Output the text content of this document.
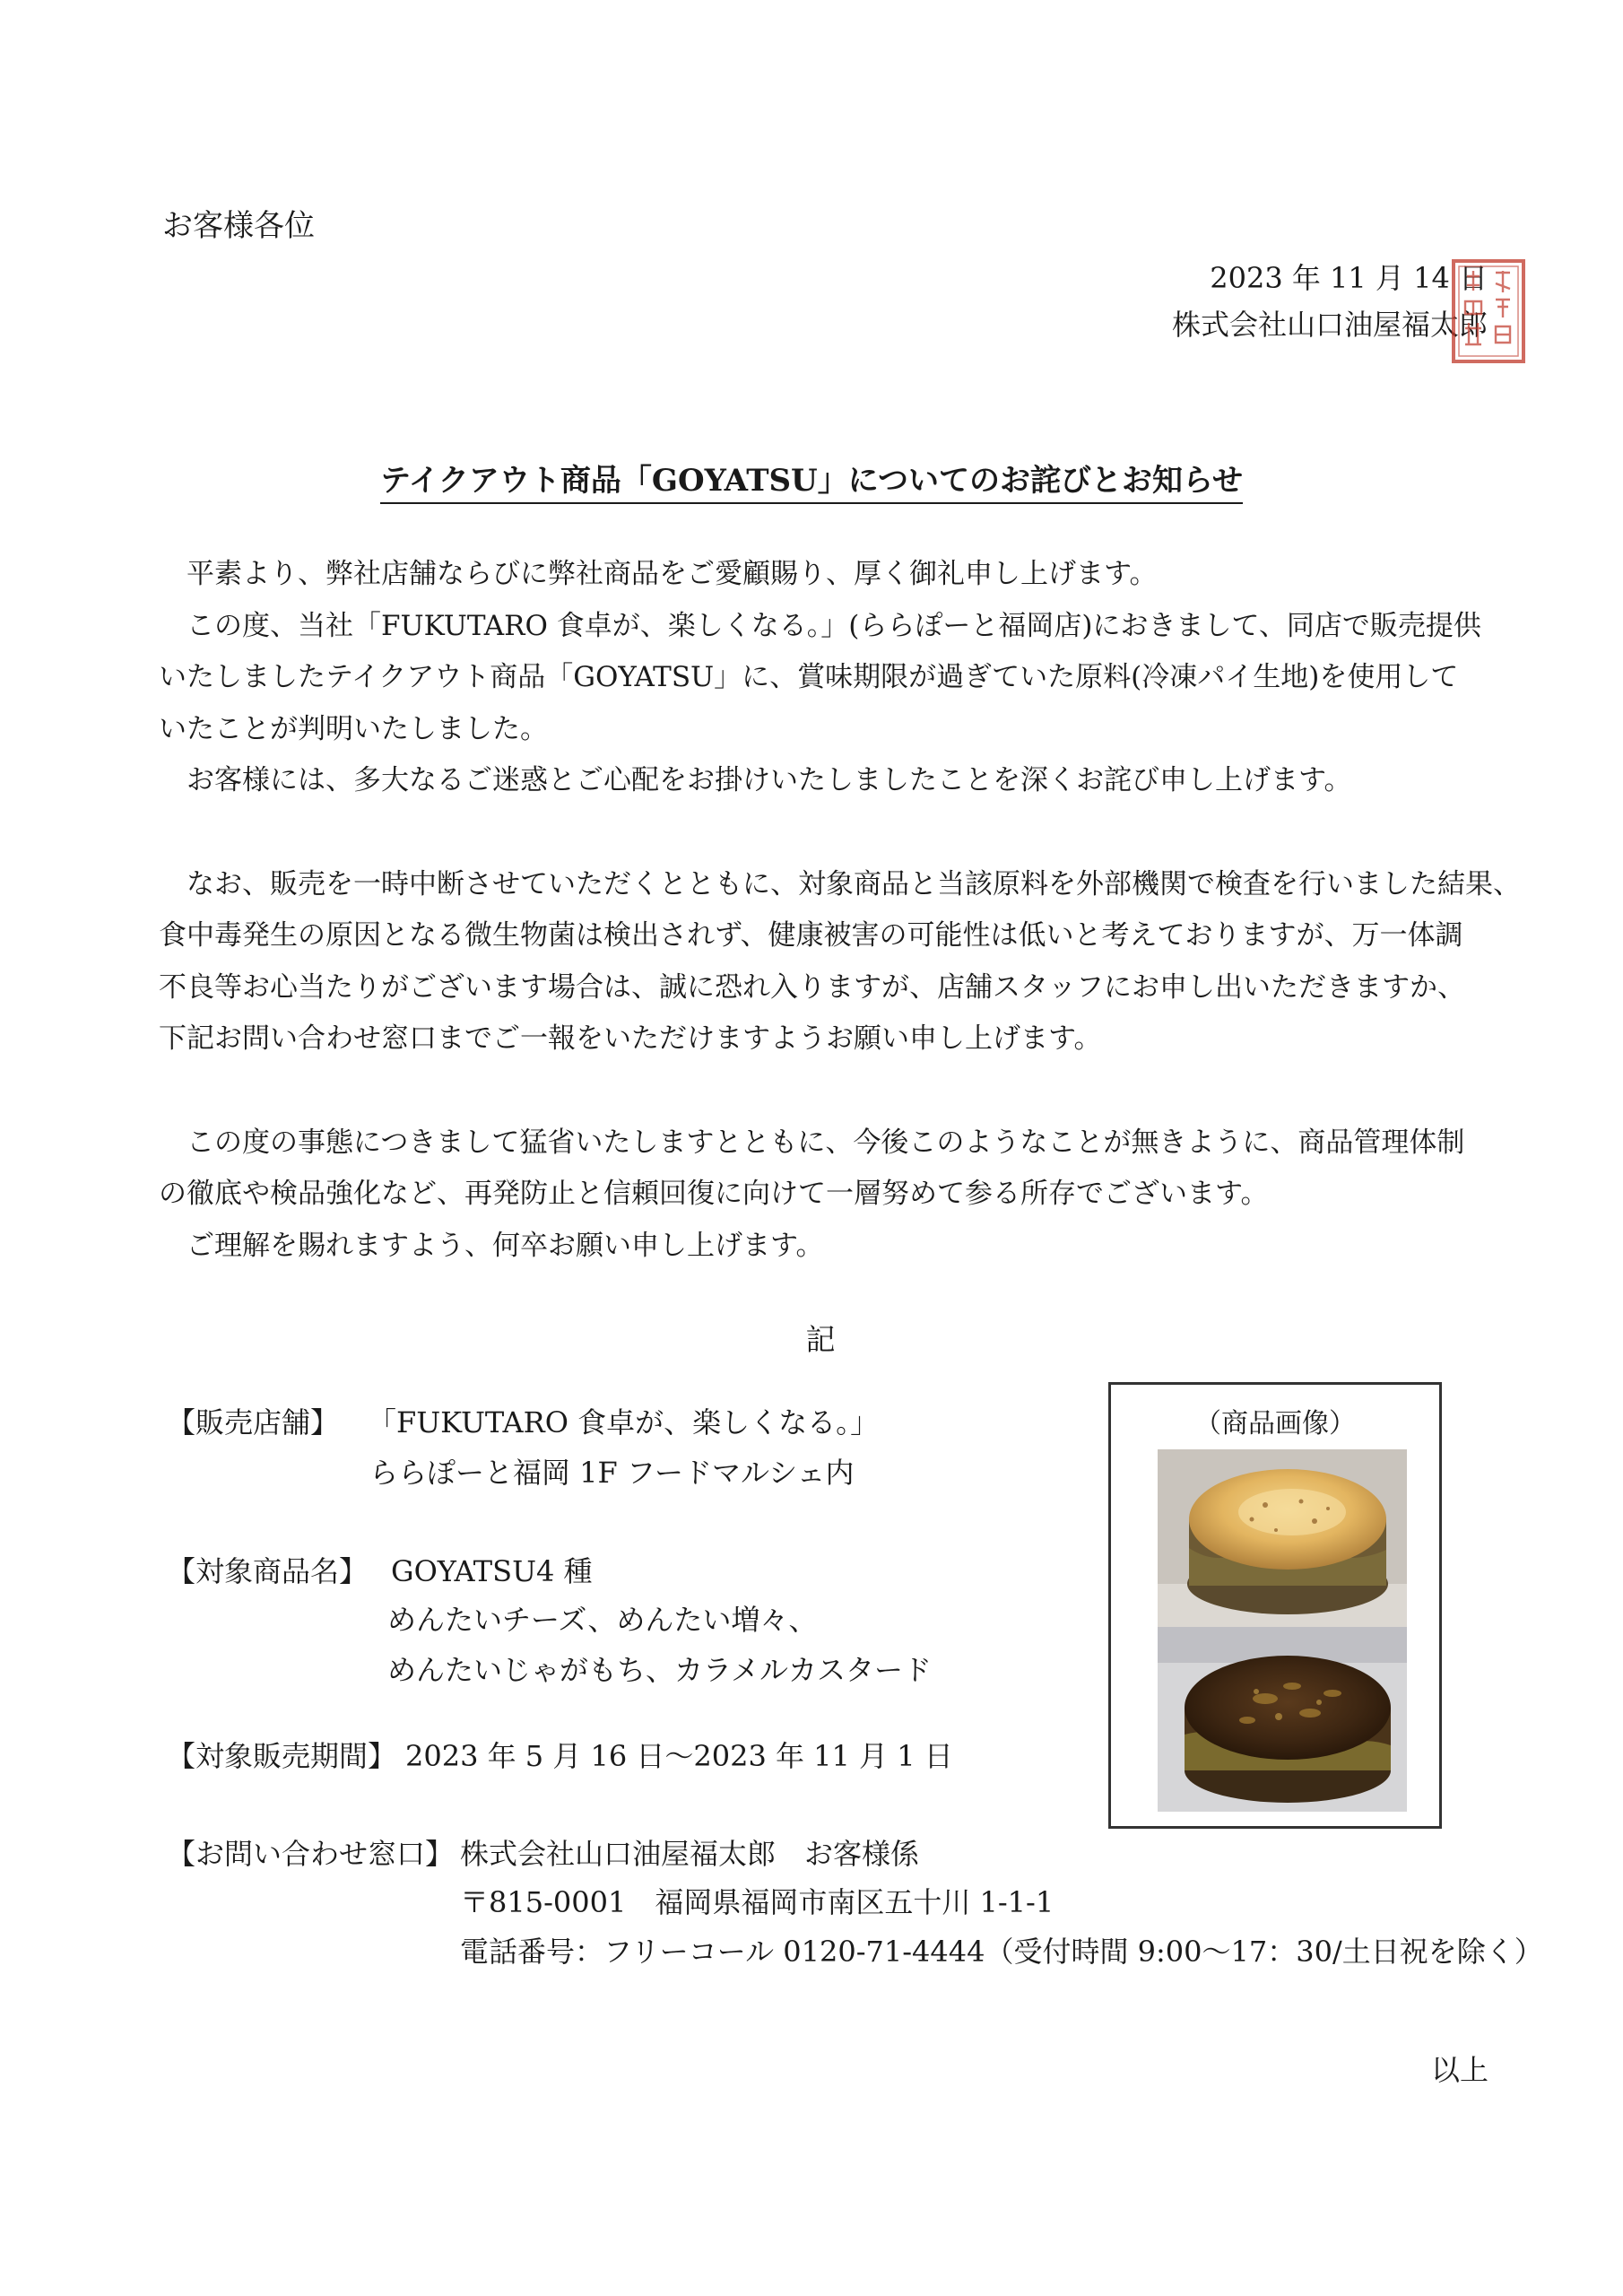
お客様各位
2023 年 11 月 14 日
株式会社山口油屋福太郎
テイクアウト商品「GOYATSU」についてのお詫びとお知らせ

　平素より、弊社店舗ならびに弊社商品をご愛顧賜り、厚く御礼申し上げます。

　この度、当社「FUKUTARO 食卓が、楽しくなる。」(ららぽーと福岡店)におきまして、同店で販売提供

いたしましたテイクアウト商品「GOYATSU」に、賞味期限が過ぎていた原料(冷凍パイ生地)を使用して

いたことが判明いたしました。

　お客様には、多大なるご迷惑とご心配をお掛けいたしましたことを深くお詫び申し上げます。

　なお、販売を一時中断させていただくとともに、対象商品と当該原料を外部機関で検査を行いました結果、

食中毒発生の原因となる微生物菌は検出されず、健康被害の可能性は低いと考えておりますが、万一体調

不良等お心当たりがございます場合は、誠に恐れ入りますが、店舗スタッフにお申し出いただきますか、

下記お問い合わせ窓口までご一報をいただけますようお願い申し上げます。

　この度の事態につきまして猛省いたしますとともに、今後このようなことが無きように、商品管理体制

の徹底や検品強化など、再発防止と信頼回復に向けて一層努めて参る所存でございます。

　ご理解を賜れますよう、何卒お願い申し上げます。

記
【販売店舗】 「FUKUTARO 食卓が、楽しくなる。」
ららぽーと福岡 1F フードマルシェ内
【対象商品名】 GOYATSU4 種
めんたいチーズ、めんたい増々、
めんたいじゃがもち、カラメルカスタード
【対象販売期間】 2023 年 5 月 16 日～2023 年 11 月 1 日
【お問い合わせ窓口】 株式会社山口油屋福太郎　お客様係
〒815-0001　福岡県福岡市南区五十川 1-1-1
電話番号：フリーコール 0120-71-4444（受付時間 9:00～17：30/土日祝を除く）
（商品画像）
以上
